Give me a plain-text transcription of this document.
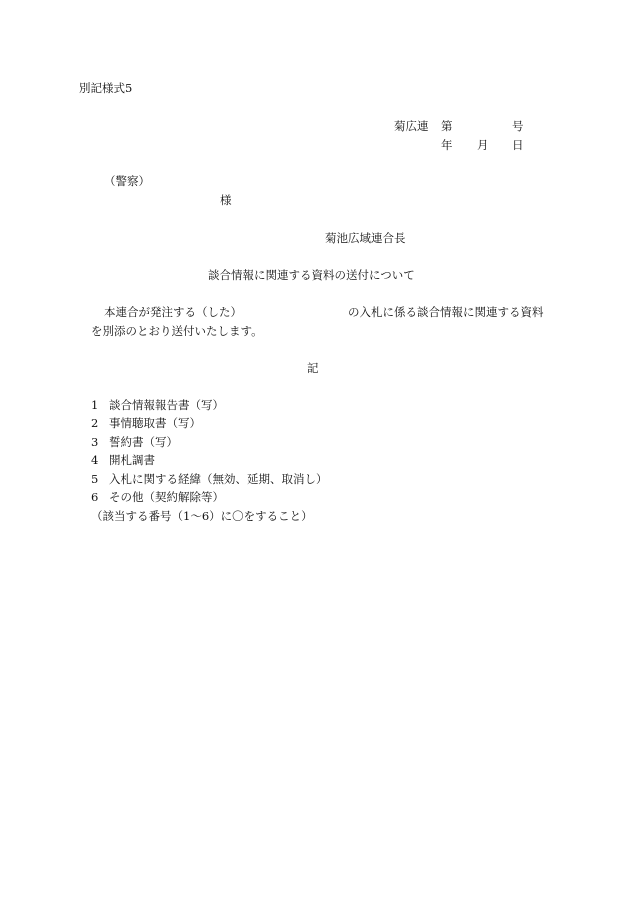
別記様式5
菊広連 第	号
年 月 日
（警察）
様
菊池広域連合長
談合情報に関連する資料の送付について
本連合が発注する（した）	の入札に係る談合情報に関連する資料
を別添のとおり送付いたします。
記
1 談合情報報告書（写）
2 事情聴取書（写）
3 誓約書（写）
4 開札調書
5 入札に関する経緯（無効、延期、取消し）
6 その他（契約解除等）
（該当する番号（1～6）に〇をすること）
